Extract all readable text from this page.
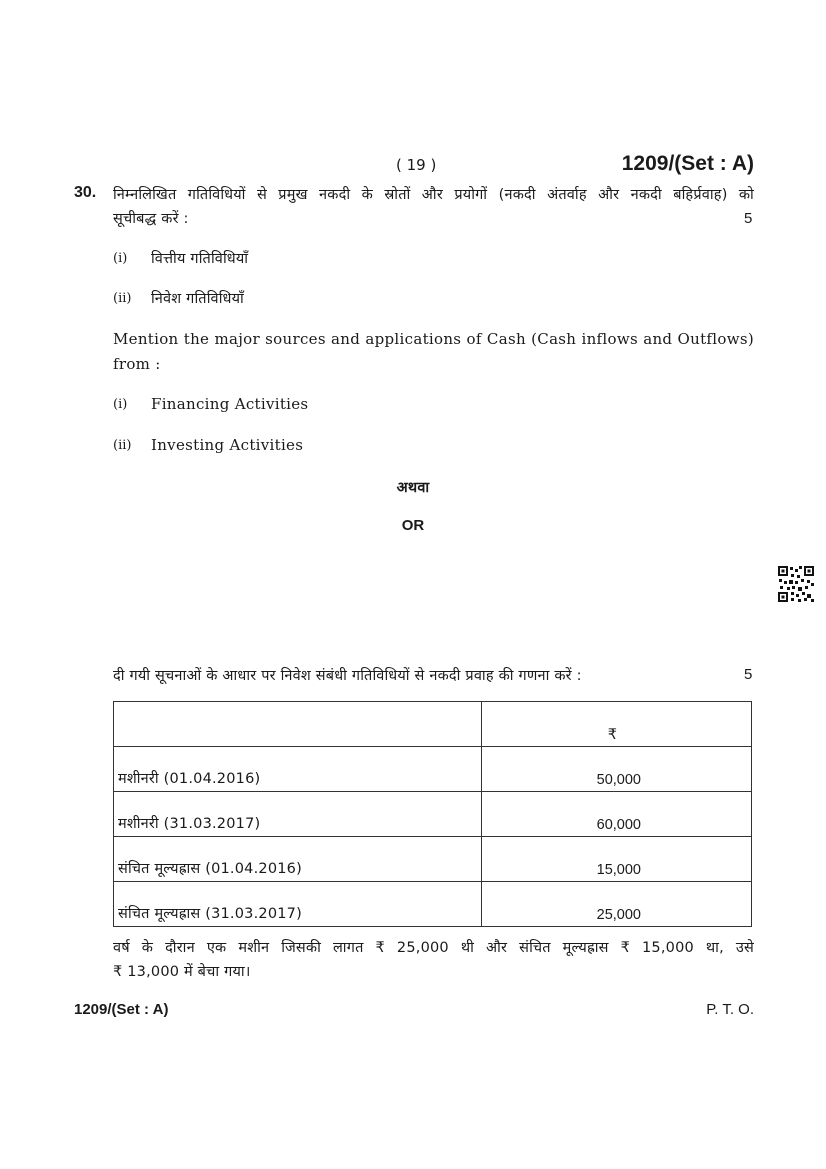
( 19 )	1209/(Set : A)
30. निम्नलिखित गतिविधियों से प्रमुख नकदी के स्रोतों और प्रयोगों (नकदी अंतर्वाह और नकदी बहिर्प्रवाह) को
सूचीबद्ध करें :	5
(i) वित्तीय गतिविधियाँ
(ii) निवेश गतिविधियाँ
Mention the major sources and applications of Cash (Cash inflows and Outflows)
from :
(i) Financing Activities
(ii) Investing Activities
अथवा
OR
दी गयी सूचनाओं के आधार पर निवेश संबंधी गतिविधियों से नकदी प्रवाह की गणना करें :	5
	₹
मशीनरी (01.04.2016)	50,000
मशीनरी (31.03.2017)	60,000
संचित मूल्यह्रास (01.04.2016)	15,000
संचित मूल्यह्रास (31.03.2017)	25,000
वर्ष के दौरान एक मशीन जिसकी लागत ₹ 25,000 थी और संचित मूल्यह्रास ₹ 15,000 था, उसे
₹ 13,000 में बेचा गया।
1209/(Set : A)	P. T. O.
